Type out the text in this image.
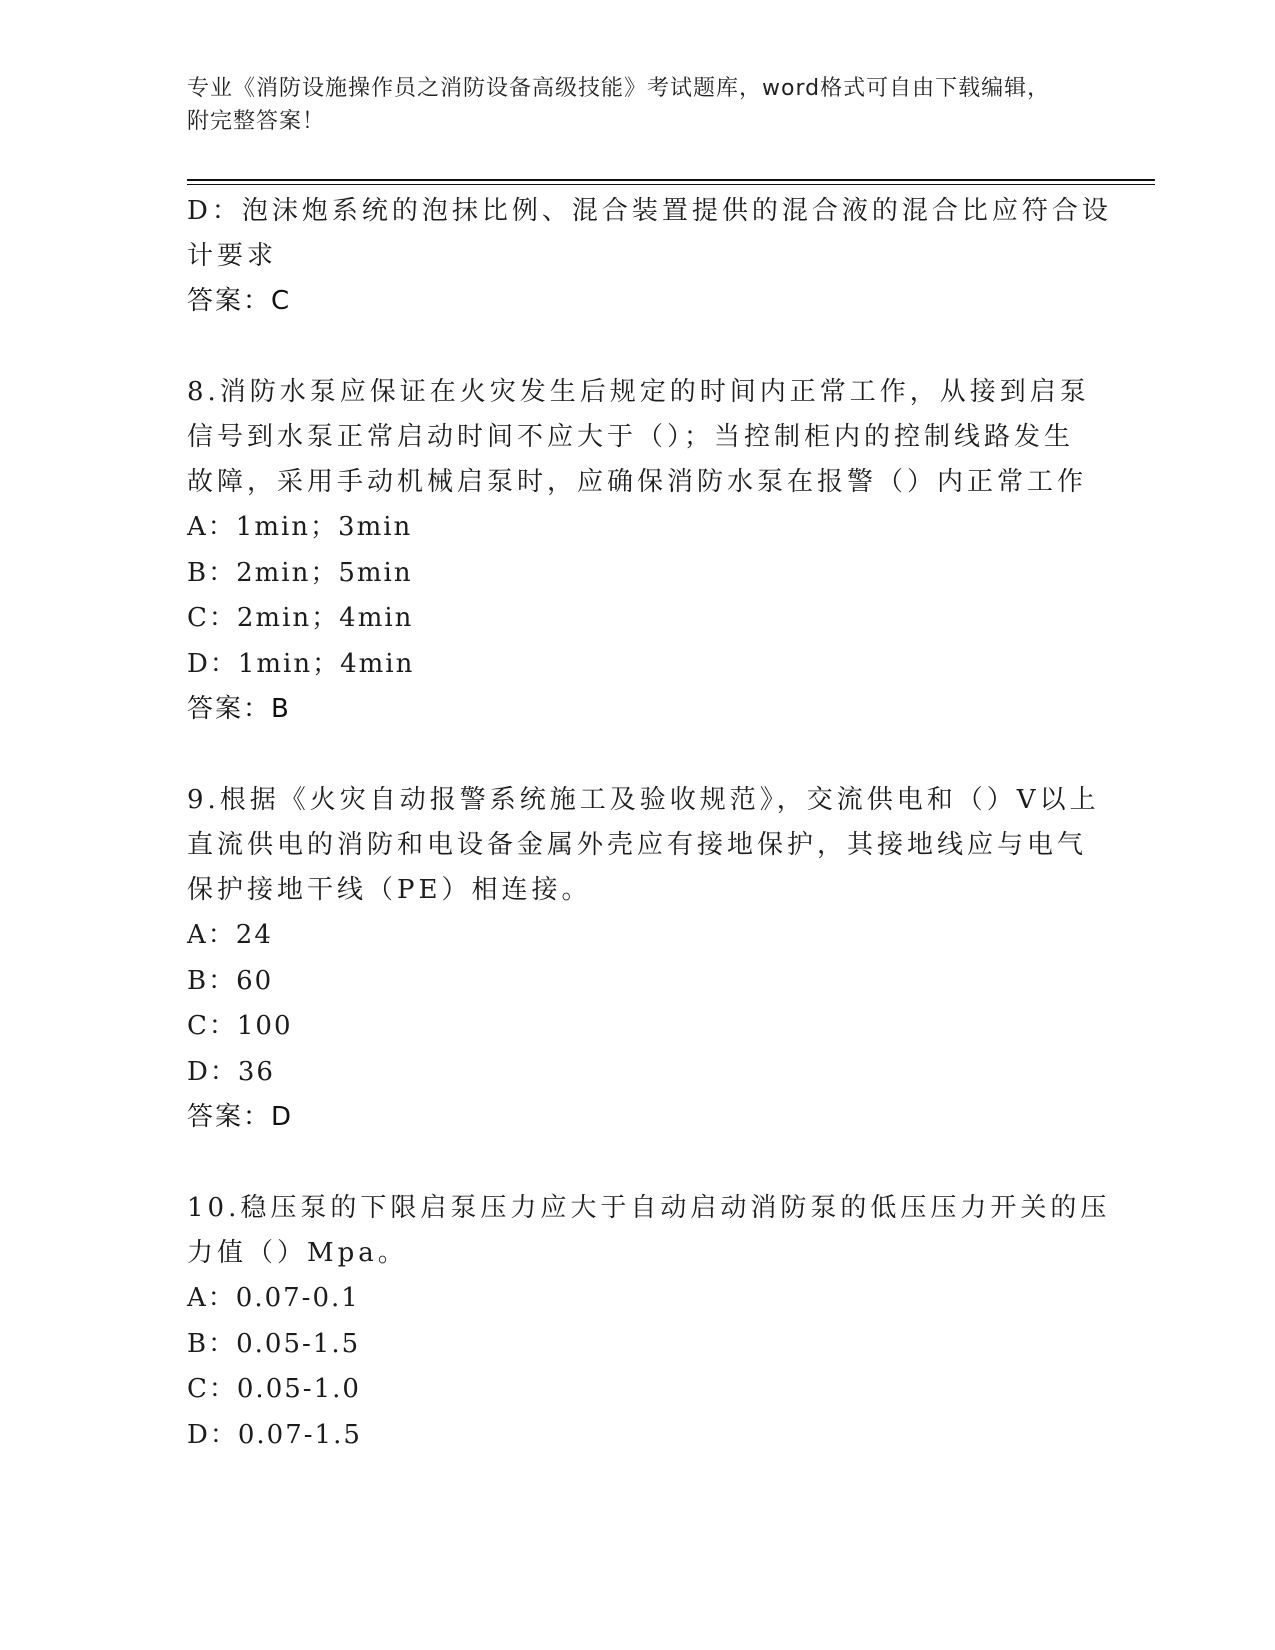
专业《消防设施操作员之消防设备高级技能》考试题库，word格式可自由下载编辑，附完整答案！
D：泡沫炮系统的泡抹比例、混合装置提供的混合液的混合比应符合设
计要求
答案：C
8.消防水泵应保证在火灾发生后规定的时间内正常工作，从接到启泵
信号到水泵正常启动时间不应大于（）；当控制柜内的控制线路发生
故障，采用手动机械启泵时，应确保消防水泵在报警（）内正常工作
A：1min；3min
B：2min；5min
C：2min；4min
D：1min；4min
答案：B
9.根据《火灾自动报警系统施工及验收规范》，交流供电和（）V以上
直流供电的消防和电设备金属外壳应有接地保护，其接地线应与电气
保护接地干线（PE）相连接。
A：24
B：60
C：100
D：36
答案：D
10.稳压泵的下限启泵压力应大于自动启动消防泵的低压压力开关的压
力值（）Mpa。
A：0.07-0.1
B：0.05-1.5
C：0.05-1.0
D：0.07-1.5
